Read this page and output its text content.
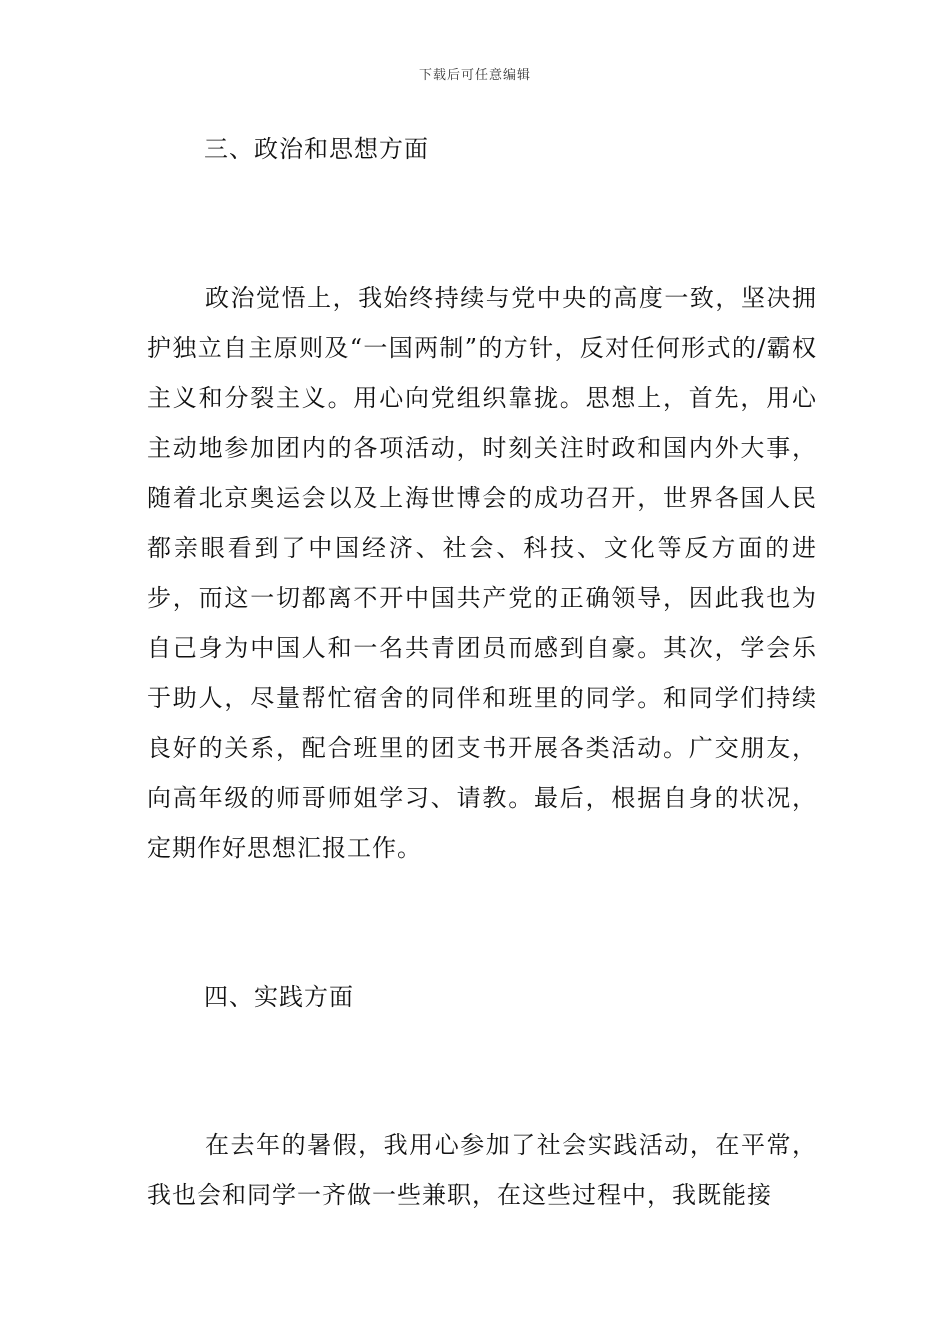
下载后可任意编辑
三、政治和思想方面
政治觉悟上，我始终持续与党中央的高度一致，坚决拥护独立自主原则及“一国两制”的方针，反对任何形式的/霸权主义和分裂主义。用心向党组织靠拢。思想上，首先，用心主动地参加团内的各项活动，时刻关注时政和国内外大事，随着北京奥运会以及上海世博会的成功召开，世界各国人民都亲眼看到了中国经济、社会、科技、文化等反方面的进步，而这一切都离不开中国共产党的正确领导，因此我也为自己身为中国人和一名共青团员而感到自豪。其次，学会乐于助人，尽量帮忙宿舍的同伴和班里的同学。和同学们持续良好的关系，配合班里的团支书开展各类活动。广交朋友，向高年级的师哥师姐学习、请教。最后，根据自身的状况，定期作好思想汇报工作。
四、实践方面
在去年的暑假，我用心参加了社会实践活动，在平常，我也会和同学一齐做一些兼职，在这些过程中，我既能接
